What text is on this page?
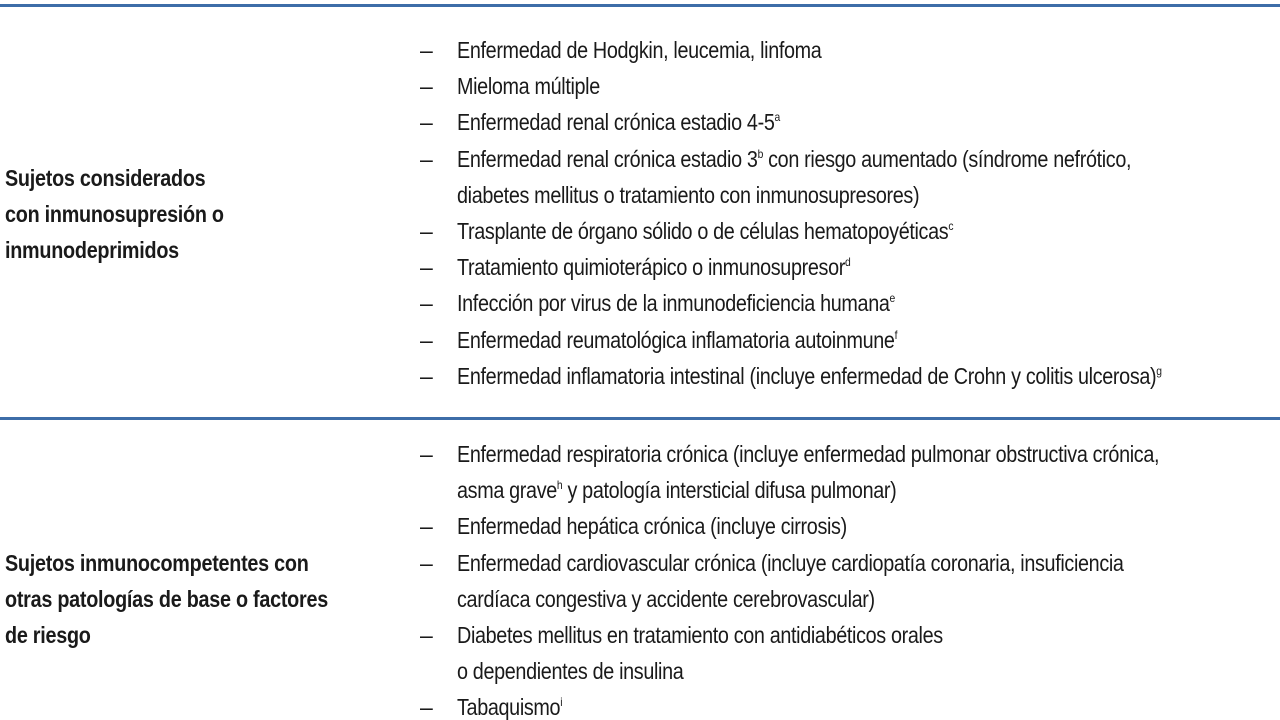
Sujetos considerados
con inmunosupresión o
inmunodeprimidos
– Enfermedad de Hodgkin, leucemia, linfoma
– Mieloma múltiple
– Enfermedad renal crónica estadio 4-5$^a$
– Enfermedad renal crónica estadio 3$^b$ con riesgo aumentado (síndrome nefrótico,
diabetes mellitus o tratamiento con inmunosupresores)
– Trasplante de órgano sólido o de células hematopoyéticas$^c$
– Tratamiento quimioterápico o inmunosupresor$^d$
– Infección por virus de la inmunodeficiencia humana$^e$
– Enfermedad reumatológica inflamatoria autoinmune$^f$
– Enfermedad inflamatoria intestinal (incluye enfermedad de Crohn y colitis ulcerosa)$^g$
Sujetos inmunocompetentes con
otras patologías de base o factores
de riesgo
– Enfermedad respiratoria crónica (incluye enfermedad pulmonar obstructiva crónica,
asma grave$^h$ y patología intersticial difusa pulmonar)
– Enfermedad hepática crónica (incluye cirrosis)
– Enfermedad cardiovascular crónica (incluye cardiopatía coronaria, insuficiencia
cardíaca congestiva y accidente cerebrovascular)
– Diabetes mellitus en tratamiento con antidiabéticos orales
o dependientes de insulina
– Tabaquismo$^i$
